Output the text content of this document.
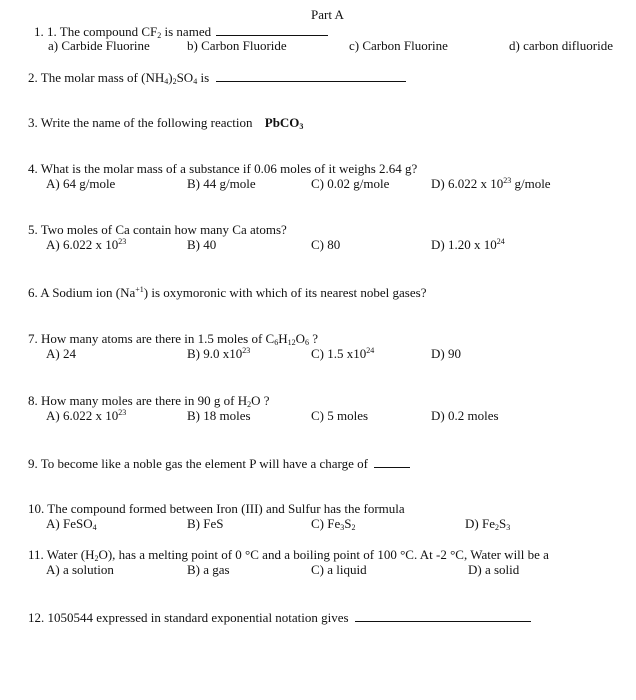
Part A
1. 1. The compound $CF_2$ is named
a) Carbide Fluorine	b) Carbon Fluoride	c) Carbon Fluorine	d) carbon difluoride
2. The molar mass of $(NH_4)_2SO_4$ is
3. Write the name of the following reaction PbCO$_3$
4. What is the molar mass of a substance if 0.06 moles of it weighs 2.64 g?
A) 64 g/mole	B) 44 g/mole	C) 0.02 g/mole	D) 6.022 x $10^{23}$ g/mole
5. Two moles of Ca contain how many Ca atoms?
A) 6.022 x $10^{23}$	B) 40	C) 80	D) 1.20 x $10^{24}$
6. A Sodium ion $(Na^{+1})$ is oxymoronic with which of its nearest nobel gases?
7. How many atoms are there in 1.5 moles of $C_6H_{12}O_6$ ?
A) 24	B) 9.0 $x10^{23}$	C) 1.5 $x10^{24}$	D) 90
8. How many moles are there in 90 g of $H_2O$ ?
A) 6.022 x $10^{23}$	B) 18 moles	C) 5 moles	D) 0.2 moles
9. To become like a noble gas the element P will have a charge of
10. The compound formed between Iron (III) and Sulfur has the formula
A) FeSO$_4$	B) FeS	C) $Fe_3S_2$	D) $Fe_2S_3$
11. Water $(H_2O)$, has a melting point of 0 °C and a boiling point of 100 °C. At -2 °C, Water will be a
A) a solution	B) a gas	C) a liquid	D) a solid
12. 1050544 expressed in standard exponential notation gives
